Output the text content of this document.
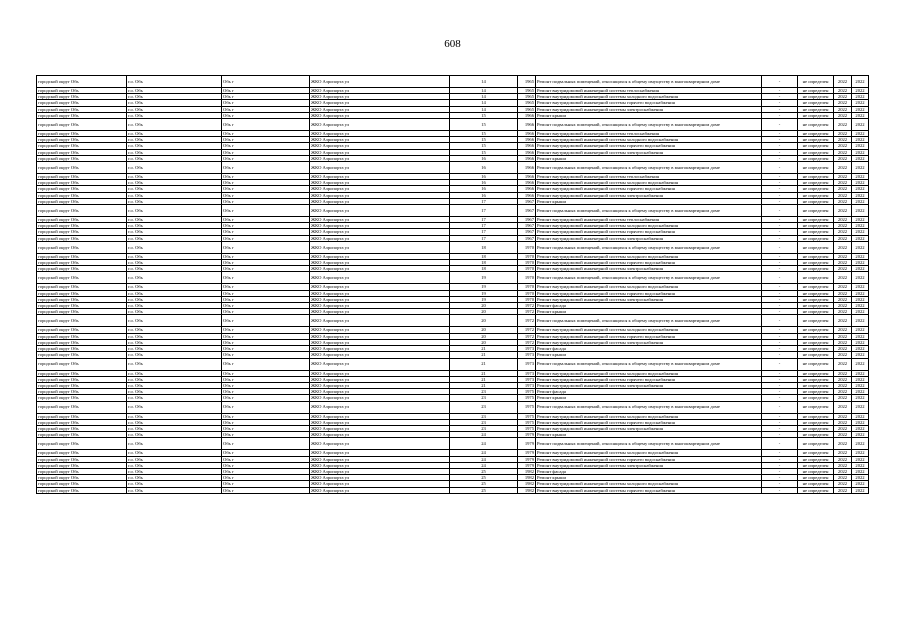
608
городской округ Обь	г.о. Обь	Обь г	ЖКО Аэропорта ул	14	1965	Ремонт подвальных помещений, относящихся к общему имуществу в многоквартирном доме	-	не определен	2022	2022
городской округ Обь	г.о. Обь	Обь г	ЖКО Аэропорта ул	14	1965	Ремонт внутридомовой инженерной системы теплоснабжения	-	не определен	2022	2022
городской округ Обь	г.о. Обь	Обь г	ЖКО Аэропорта ул	14	1965	Ремонт внутридомовой инженерной системы холодного водоснабжения	-	не определен	2022	2022
городской округ Обь	г.о. Обь	Обь г	ЖКО Аэропорта ул	14	1965	Ремонт внутридомовой инженерной системы горячего водоснабжения	-	не определен	2022	2022
городской округ Обь	г.о. Обь	Обь г	ЖКО Аэропорта ул	14	1965	Ремонт внутридомовой инженерной системы электроснабжения	-	не определен	2022	2022
городской округ Обь	г.о. Обь	Обь г	ЖКО Аэропорта ул	15	1966	Ремонт крыши	-	не определен	2022	2022
городской округ Обь	г.о. Обь	Обь г	ЖКО Аэропорта ул	15	1966	Ремонт подвальных помещений, относящихся к общему имуществу в многоквартирном доме	-	не определен	2022	2022
городской округ Обь	г.о. Обь	Обь г	ЖКО Аэропорта ул	15	1966	Ремонт внутридомовой инженерной системы теплоснабжения	-	не определен	2022	2022
городской округ Обь	г.о. Обь	Обь г	ЖКО Аэропорта ул	15	1966	Ремонт внутридомовой инженерной системы холодного водоснабжения	-	не определен	2022	2022
городской округ Обь	г.о. Обь	Обь г	ЖКО Аэропорта ул	15	1966	Ремонт внутридомовой инженерной системы горячего водоснабжения	-	не определен	2022	2022
городской округ Обь	г.о. Обь	Обь г	ЖКО Аэропорта ул	15	1966	Ремонт внутридомовой инженерной системы электроснабжения	-	не определен	2022	2022
городской округ Обь	г.о. Обь	Обь г	ЖКО Аэропорта ул	16	1966	Ремонт крыши	-	не определен	2022	2022
городской округ Обь	г.о. Обь	Обь г	ЖКО Аэропорта ул	16	1966	Ремонт подвальных помещений, относящихся к общему имуществу в многоквартирном доме	-	не определен	2022	2022
городской округ Обь	г.о. Обь	Обь г	ЖКО Аэропорта ул	16	1966	Ремонт внутридомовой инженерной системы теплоснабжения	-	не определен	2022	2022
городской округ Обь	г.о. Обь	Обь г	ЖКО Аэропорта ул	16	1966	Ремонт внутридомовой инженерной системы холодного водоснабжения	-	не определен	2022	2022
городской округ Обь	г.о. Обь	Обь г	ЖКО Аэропорта ул	16	1966	Ремонт внутридомовой инженерной системы горячего водоснабжения	-	не определен	2022	2022
городской округ Обь	г.о. Обь	Обь г	ЖКО Аэропорта ул	16	1966	Ремонт внутридомовой инженерной системы электроснабжения	-	не определен	2022	2022
городской округ Обь	г.о. Обь	Обь г	ЖКО Аэропорта ул	17	1967	Ремонт крыши	-	не определен	2022	2022
городской округ Обь	г.о. Обь	Обь г	ЖКО Аэропорта ул	17	1967	Ремонт подвальных помещений, относящихся к общему имуществу в многоквартирном доме	-	не определен	2022	2022
городской округ Обь	г.о. Обь	Обь г	ЖКО Аэропорта ул	17	1967	Ремонт внутридомовой инженерной системы теплоснабжения	-	не определен	2022	2022
городской округ Обь	г.о. Обь	Обь г	ЖКО Аэропорта ул	17	1967	Ремонт внутридомовой инженерной системы холодного водоснабжения	-	не определен	2022	2022
городской округ Обь	г.о. Обь	Обь г	ЖКО Аэропорта ул	17	1967	Ремонт внутридомовой инженерной системы горячего водоснабжения	-	не определен	2022	2022
городской округ Обь	г.о. Обь	Обь г	ЖКО Аэропорта ул	17	1967	Ремонт внутридомовой инженерной системы электроснабжения	-	не определен	2022	2022
городской округ Обь	г.о. Обь	Обь г	ЖКО Аэропорта ул	18	1970	Ремонт подвальных помещений, относящихся к общему имуществу в многоквартирном доме	-	не определен	2022	2022
городской округ Обь	г.о. Обь	Обь г	ЖКО Аэропорта ул	18	1970	Ремонт внутридомовой инженерной системы холодного водоснабжения	-	не определен	2022	2022
городской округ Обь	г.о. Обь	Обь г	ЖКО Аэропорта ул	18	1970	Ремонт внутридомовой инженерной системы горячего водоснабжения	-	не определен	2022	2022
городской округ Обь	г.о. Обь	Обь г	ЖКО Аэропорта ул	18	1970	Ремонт внутридомовой инженерной системы электроснабжения	-	не определен	2022	2022
городской округ Обь	г.о. Обь	Обь г	ЖКО Аэропорта ул	19	1970	Ремонт подвальных помещений, относящихся к общему имуществу в многоквартирном доме	-	не определен	2022	2022
городской округ Обь	г.о. Обь	Обь г	ЖКО Аэропорта ул	19	1970	Ремонт внутридомовой инженерной системы холодного водоснабжения	-	не определен	2022	2022
городской округ Обь	г.о. Обь	Обь г	ЖКО Аэропорта ул	19	1970	Ремонт внутридомовой инженерной системы горячего водоснабжения	-	не определен	2022	2022
городской округ Обь	г.о. Обь	Обь г	ЖКО Аэропорта ул	19	1970	Ремонт внутридомовой инженерной системы электроснабжения	-	не определен	2022	2022
городской округ Обь	г.о. Обь	Обь г	ЖКО Аэропорта ул	20	1972	Ремонт фасада	-	не определен	2022	2022
городской округ Обь	г.о. Обь	Обь г	ЖКО Аэропорта ул	20	1972	Ремонт крыши	-	не определен	2022	2022
городской округ Обь	г.о. Обь	Обь г	ЖКО Аэропорта ул	20	1972	Ремонт подвальных помещений, относящихся к общему имуществу в многоквартирном доме	-	не определен	2022	2022
городской округ Обь	г.о. Обь	Обь г	ЖКО Аэропорта ул	20	1972	Ремонт внутридомовой инженерной системы холодного водоснабжения	-	не определен	2022	2022
городской округ Обь	г.о. Обь	Обь г	ЖКО Аэропорта ул	20	1972	Ремонт внутридомовой инженерной системы горячего водоснабжения	-	не определен	2022	2022
городской округ Обь	г.о. Обь	Обь г	ЖКО Аэропорта ул	20	1972	Ремонт внутридомовой инженерной системы электроснабжения	-	не определен	2022	2022
городской округ Обь	г.о. Обь	Обь г	ЖКО Аэропорта ул	21	1973	Ремонт фасада	-	не определен	2022	2022
городской округ Обь	г.о. Обь	Обь г	ЖКО Аэропорта ул	21	1973	Ремонт крыши	-	не определен	2022	2022
городской округ Обь	г.о. Обь	Обь г	ЖКО Аэропорта ул	21	1973	Ремонт подвальных помещений, относящихся к общему имуществу в многоквартирном доме	-	не определен	2022	2022
городской округ Обь	г.о. Обь	Обь г	ЖКО Аэропорта ул	21	1973	Ремонт внутридомовой инженерной системы холодного водоснабжения	-	не определен	2022	2022
городской округ Обь	г.о. Обь	Обь г	ЖКО Аэропорта ул	21	1973	Ремонт внутридомовой инженерной системы горячего водоснабжения	-	не определен	2022	2022
городской округ Обь	г.о. Обь	Обь г	ЖКО Аэропорта ул	21	1973	Ремонт внутридомовой инженерной системы электроснабжения	-	не определен	2022	2022
городской округ Обь	г.о. Обь	Обь г	ЖКО Аэропорта ул	23	1975	Ремонт фасада	-	не определен	2022	2022
городской округ Обь	г.о. Обь	Обь г	ЖКО Аэропорта ул	23	1975	Ремонт крыши	-	не определен	2022	2022
городской округ Обь	г.о. Обь	Обь г	ЖКО Аэропорта ул	23	1975	Ремонт подвальных помещений, относящихся к общему имуществу в многоквартирном доме	-	не определен	2022	2022
городской округ Обь	г.о. Обь	Обь г	ЖКО Аэропорта ул	23	1975	Ремонт внутридомовой инженерной системы холодного водоснабжения	-	не определен	2022	2022
городской округ Обь	г.о. Обь	Обь г	ЖКО Аэропорта ул	23	1975	Ремонт внутридомовой инженерной системы горячего водоснабжения	-	не определен	2022	2022
городской округ Обь	г.о. Обь	Обь г	ЖКО Аэропорта ул	23	1975	Ремонт внутридомовой инженерной системы электроснабжения	-	не определен	2022	2022
городской округ Обь	г.о. Обь	Обь г	ЖКО Аэропорта ул	24	1979	Ремонт крыши	-	не определен	2022	2022
городской округ Обь	г.о. Обь	Обь г	ЖКО Аэропорта ул	24	1979	Ремонт подвальных помещений, относящихся к общему имуществу в многоквартирном доме	-	не определен	2022	2022
городской округ Обь	г.о. Обь	Обь г	ЖКО Аэропорта ул	24	1979	Ремонт внутридомовой инженерной системы холодного водоснабжения	-	не определен	2022	2022
городской округ Обь	г.о. Обь	Обь г	ЖКО Аэропорта ул	24	1979	Ремонт внутридомовой инженерной системы горячего водоснабжения	-	не определен	2022	2022
городской округ Обь	г.о. Обь	Обь г	ЖКО Аэропорта ул	24	1979	Ремонт внутридомовой инженерной системы электроснабжения	-	не определен	2022	2022
городской округ Обь	г.о. Обь	Обь г	ЖКО Аэропорта ул	25	1982	Ремонт фасада	-	не определен	2022	2022
городской округ Обь	г.о. Обь	Обь г	ЖКО Аэропорта ул	25	1982	Ремонт крыши	-	не определен	2022	2022
городской округ Обь	г.о. Обь	Обь г	ЖКО Аэропорта ул	25	1982	Ремонт внутридомовой инженерной системы холодного водоснабжения	-	не определен	2022	2022
городской округ Обь	г.о. Обь	Обь г	ЖКО Аэропорта ул	25	1982	Ремонт внутридомовой инженерной системы горячего водоснабжения	-	не определен	2022	2022
